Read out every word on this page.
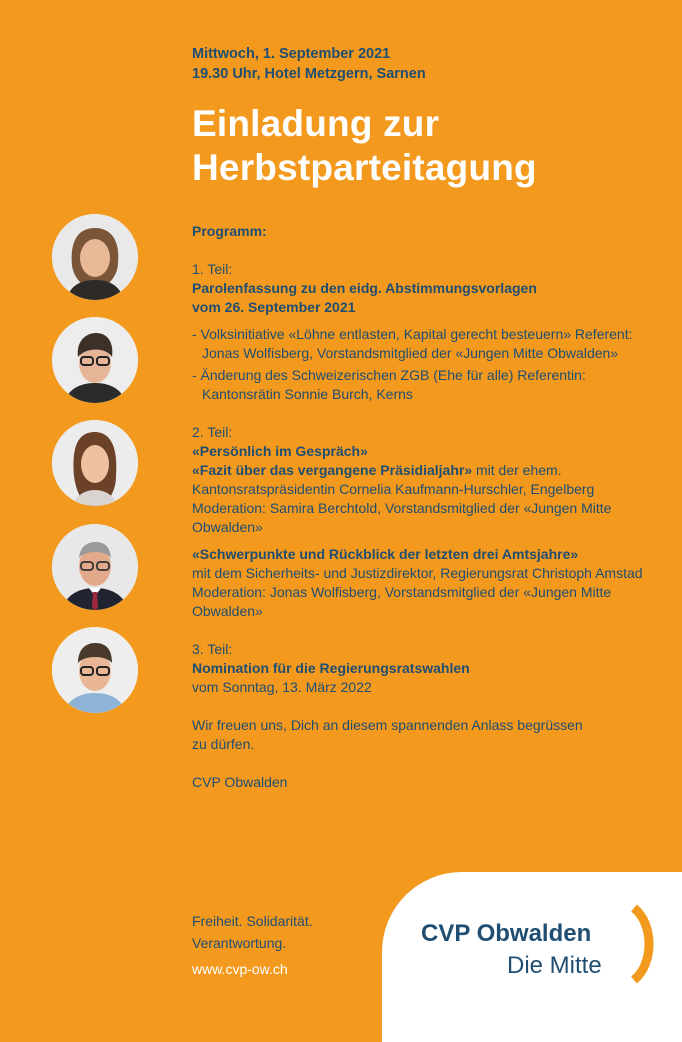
Mittwoch, 1. September 2021
19.30 Uhr, Hotel Metzgern, Sarnen
Einladung zur
Herbstparteitagung

Programm:

1. Teil:

Parolenfassung zu den eidg. Abstimmungsvorlagen

vom 26. September 2021

- Volksinitiative «Löhne entlasten, Kapital gerecht besteuern» Referent: Jonas Wolfisberg, Vorstandsmitglied der «Jungen Mitte Obwalden»

- Änderung des Schweizerischen ZGB (Ehe für alle) Referentin: Kantonsrätin Sonnie Burch, Kerns

2. Teil:

«Persönlich im Gespräch»

«Fazit über das vergangene Präsidialjahr» mit der ehem. Kantonsratspräsidentin Cornelia Kaufmann-Hurschler, Engelberg

Moderation: Samira Berchtold, Vorstandsmitglied der «Jungen Mitte Obwalden»

«Schwerpunkte und Rückblick der letzten drei Amtsjahre»

mit dem Sicherheits- und Justizdirektor, Regierungsrat Christoph Amstad

Moderation: Jonas Wolfisberg, Vorstandsmitglied der «Jungen Mitte Obwalden»

3. Teil:

Nomination für die Regierungsratswahlen

vom Sonntag, 13. März 2022

Wir freuen uns, Dich an diesem spannenden Anlass begrüssen zu dürfen.

CVP Obwalden

Freiheit. Solidarität.
Verantwortung.
www.cvp-ow.ch
CVP Obwalden
Die Mitte
